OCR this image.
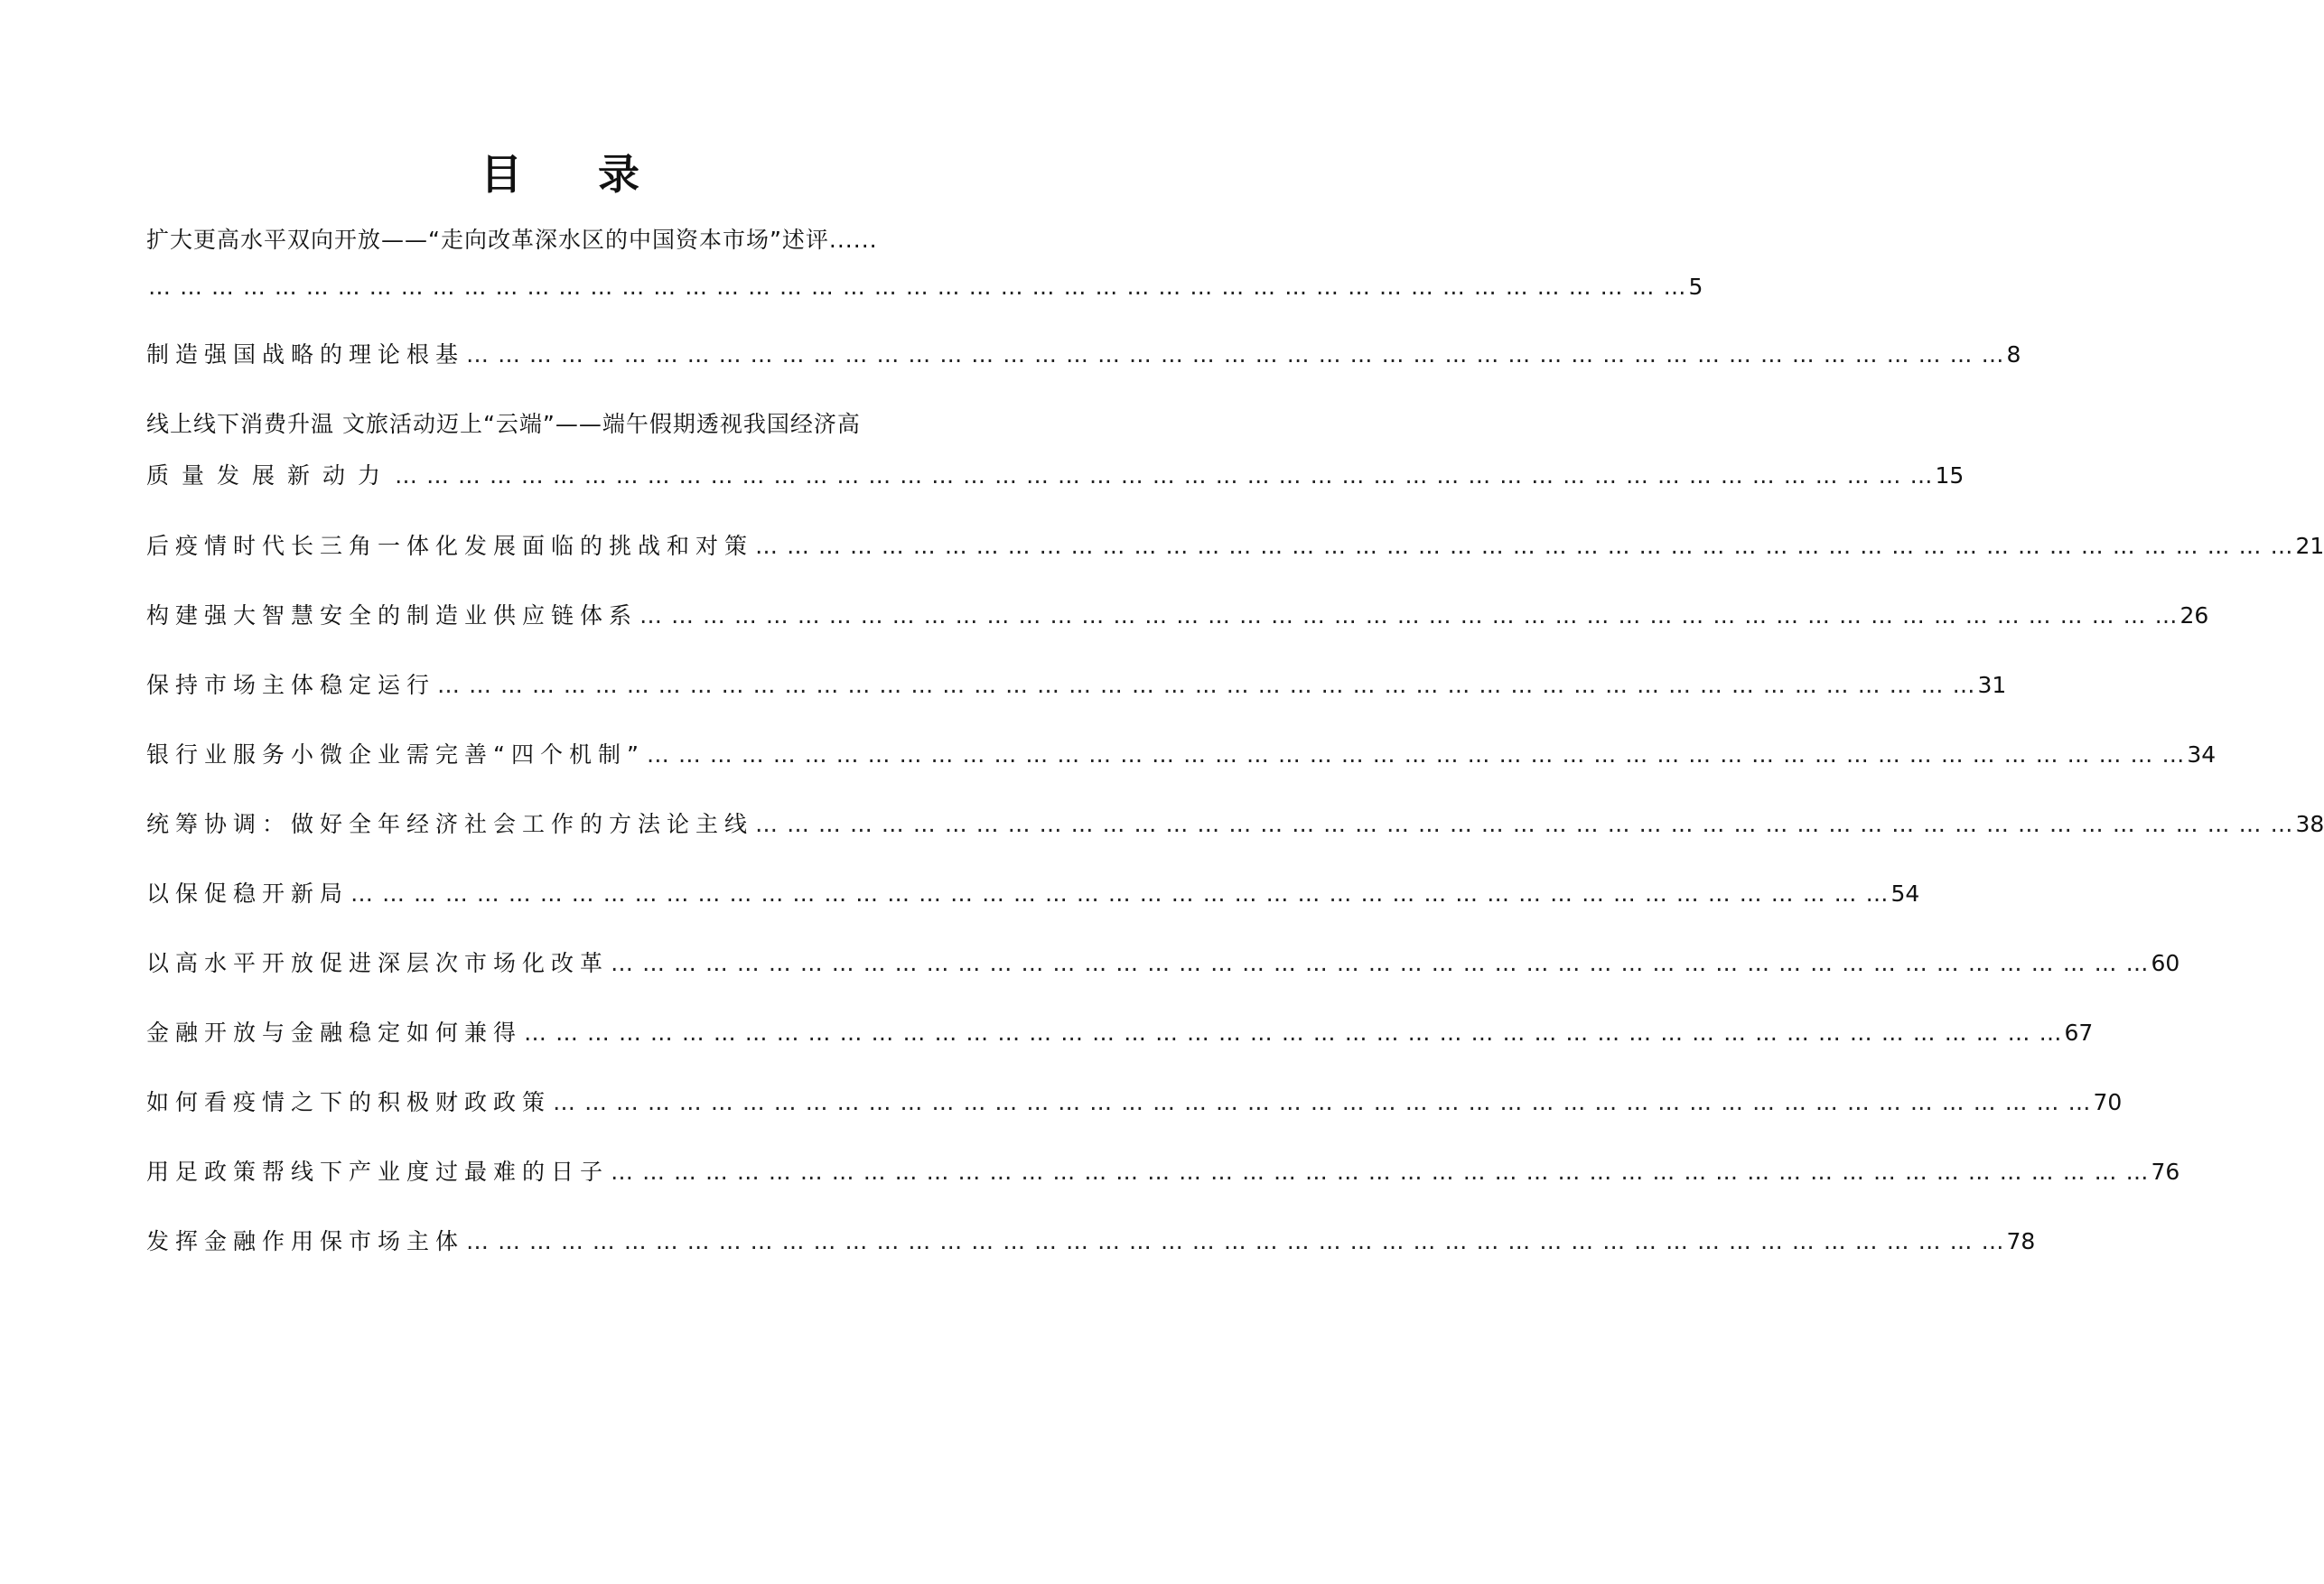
目 录
扩大更高水平双向开放——“走向改革深水区的中国资本市场”述评......
… … … … … … … … … … … … … … … … … … … … … … … … … … … … … … … … … … … … … … … … … … … … … … … … … 5
制造强国战略的理论根基 … … … … … … … … … … … … … … … … … … … … … … … … … … … … … … … … … … … … … … … … … … … … … … … … … 8
线上线下消费升温 文旅活动迈上“云端”——端午假期透视我国经济高
质量发展新动力 … … … … … … … … … … … … … … … … … … … … … … … … … … … … … … … … … … … … … … … … … … … … … … … … … 15
后疫情时代长三角一体化发展面临的挑战和对策 … … … … … … … … … … … … … … … … … … … … … … … … … … … … … … … … … … … … … … … … … … … … … … … … … 21
构建强大智慧安全的制造业供应链体系 … … … … … … … … … … … … … … … … … … … … … … … … … … … … … … … … … … … … … … … … … … … … … … … … … 26
保持市场主体稳定运行 … … … … … … … … … … … … … … … … … … … … … … … … … … … … … … … … … … … … … … … … … … … … … … … … … 31
银行业服务小微企业需完善“四个机制” … … … … … … … … … … … … … … … … … … … … … … … … … … … … … … … … … … … … … … … … … … … … … … … … … 34
统筹协调：做好全年经济社会工作的方法论主线 … … … … … … … … … … … … … … … … … … … … … … … … … … … … … … … … … … … … … … … … … … … … … … … … … 38
以保促稳开新局 … … … … … … … … … … … … … … … … … … … … … … … … … … … … … … … … … … … … … … … … … … … … … … … … … 54
以高水平开放促进深层次市场化改革 … … … … … … … … … … … … … … … … … … … … … … … … … … … … … … … … … … … … … … … … … … … … … … … … … 60
金融开放与金融稳定如何兼得 … … … … … … … … … … … … … … … … … … … … … … … … … … … … … … … … … … … … … … … … … … … … … … … … … 67
如何看疫情之下的积极财政政策 … … … … … … … … … … … … … … … … … … … … … … … … … … … … … … … … … … … … … … … … … … … … … … … … … 70
用足政策帮线下产业度过最难的日子 … … … … … … … … … … … … … … … … … … … … … … … … … … … … … … … … … … … … … … … … … … … … … … … … … 76
发挥金融作用保市场主体 … … … … … … … … … … … … … … … … … … … … … … … … … … … … … … … … … … … … … … … … … … … … … … … … … 78
